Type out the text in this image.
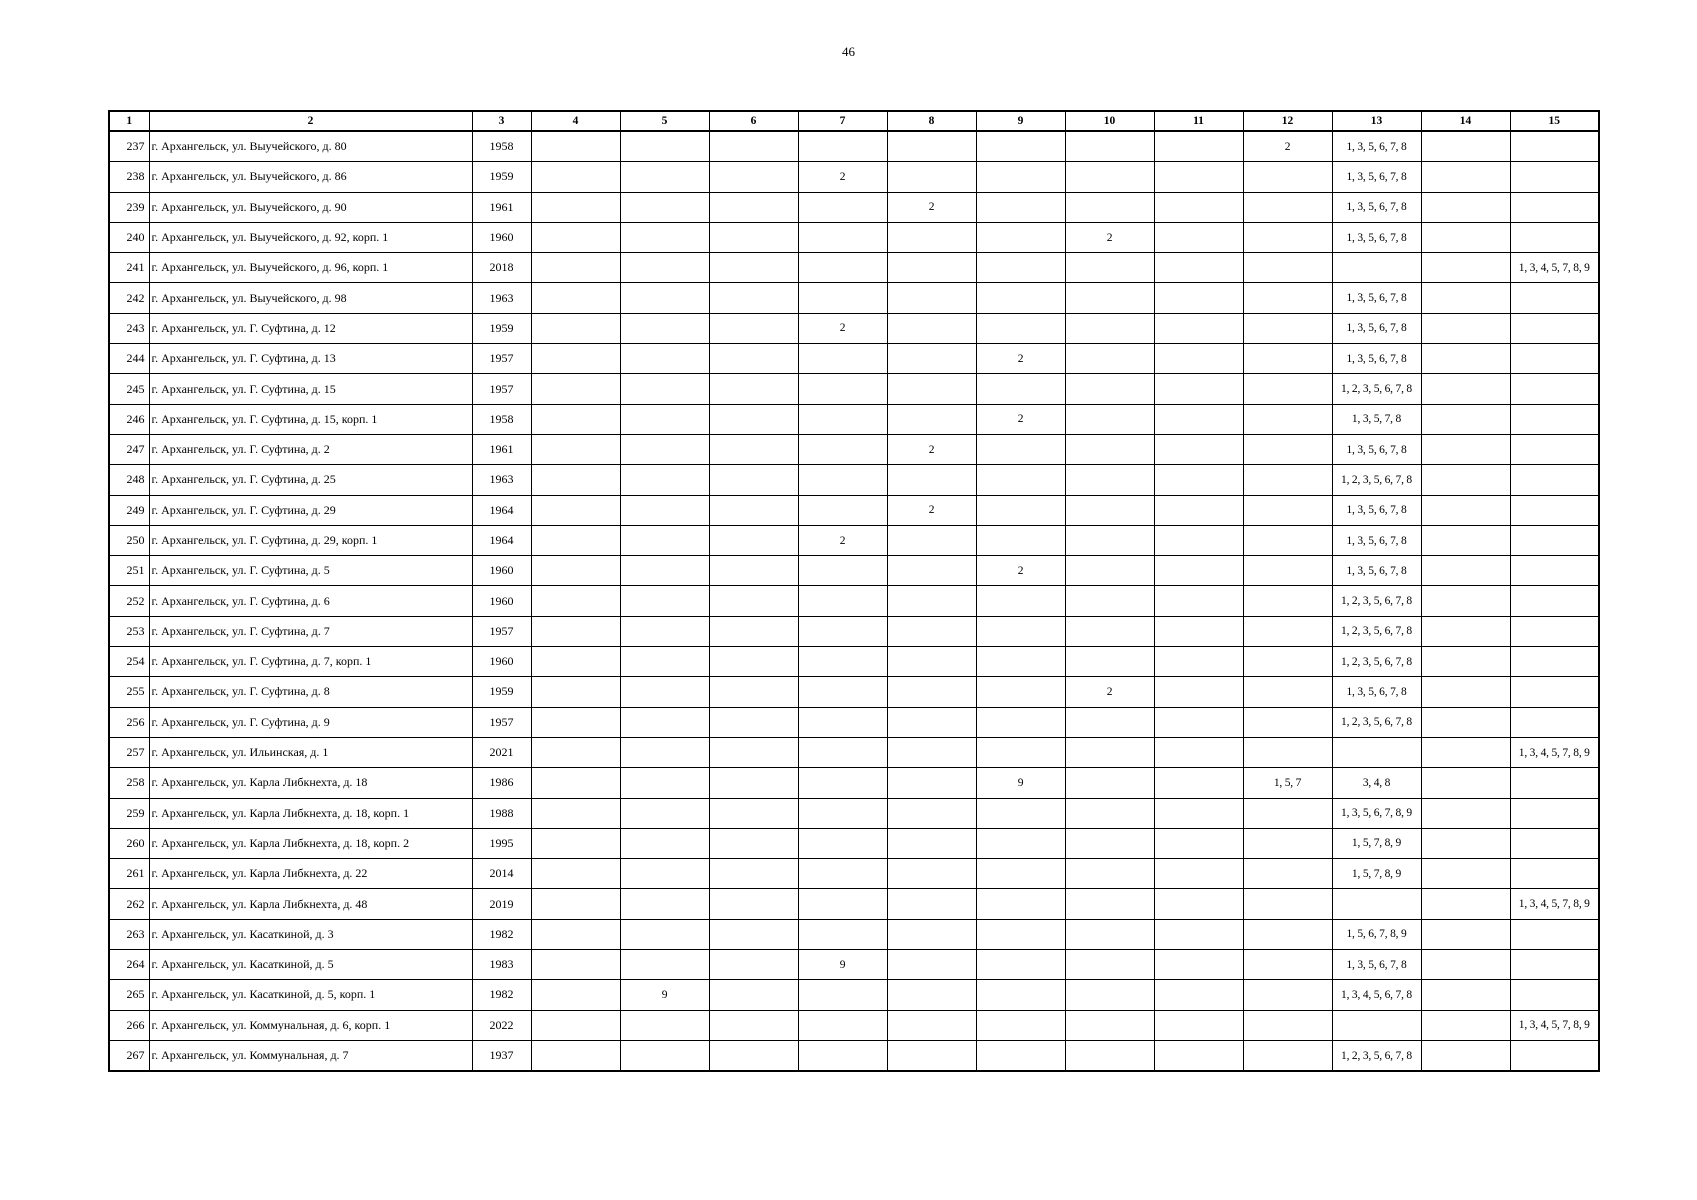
46
1	2	3	4	5	6	7	8	9	10	11	12	13	14	15
237	г. Архангельск, ул. Выучейского, д. 80	1958									2	1, 3, 5, 6, 7, 8		
238	г. Архангельск, ул. Выучейского, д. 86	1959				2						1, 3, 5, 6, 7, 8		
239	г. Архангельск, ул. Выучейского, д. 90	1961					2					1, 3, 5, 6, 7, 8		
240	г. Архангельск, ул. Выучейского, д. 92, корп. 1	1960							2			1, 3, 5, 6, 7, 8		
241	г. Архангельск, ул. Выучейского, д. 96, корп. 1	2018												1, 3, 4, 5, 7, 8, 9
242	г. Архангельск, ул. Выучейского, д. 98	1963										1, 3, 5, 6, 7, 8		
243	г. Архангельск, ул. Г. Суфтина, д. 12	1959				2						1, 3, 5, 6, 7, 8		
244	г. Архангельск, ул. Г. Суфтина, д. 13	1957						2				1, 3, 5, 6, 7, 8		
245	г. Архангельск, ул. Г. Суфтина, д. 15	1957										1, 2, 3, 5, 6, 7, 8		
246	г. Архангельск, ул. Г. Суфтина, д. 15, корп. 1	1958						2				1, 3, 5, 7, 8		
247	г. Архангельск, ул. Г. Суфтина, д. 2	1961					2					1, 3, 5, 6, 7, 8		
248	г. Архангельск, ул. Г. Суфтина, д. 25	1963										1, 2, 3, 5, 6, 7, 8		
249	г. Архангельск, ул. Г. Суфтина, д. 29	1964					2					1, 3, 5, 6, 7, 8		
250	г. Архангельск, ул. Г. Суфтина, д. 29, корп. 1	1964				2						1, 3, 5, 6, 7, 8		
251	г. Архангельск, ул. Г. Суфтина, д. 5	1960						2				1, 3, 5, 6, 7, 8		
252	г. Архангельск, ул. Г. Суфтина, д. 6	1960										1, 2, 3, 5, 6, 7, 8		
253	г. Архангельск, ул. Г. Суфтина, д. 7	1957										1, 2, 3, 5, 6, 7, 8		
254	г. Архангельск, ул. Г. Суфтина, д. 7, корп. 1	1960										1, 2, 3, 5, 6, 7, 8		
255	г. Архангельск, ул. Г. Суфтина, д. 8	1959							2			1, 3, 5, 6, 7, 8		
256	г. Архангельск, ул. Г. Суфтина, д. 9	1957										1, 2, 3, 5, 6, 7, 8		
257	г. Архангельск, ул. Ильинская, д. 1	2021												1, 3, 4, 5, 7, 8, 9
258	г. Архангельск, ул. Карла Либкнехта, д. 18	1986						9			1, 5, 7	3, 4, 8		
259	г. Архангельск, ул. Карла Либкнехта, д. 18, корп. 1	1988										1, 3, 5, 6, 7, 8, 9		
260	г. Архангельск, ул. Карла Либкнехта, д. 18, корп. 2	1995										1, 5, 7, 8, 9		
261	г. Архангельск, ул. Карла Либкнехта, д. 22	2014										1, 5, 7, 8, 9		
262	г. Архангельск, ул. Карла Либкнехта, д. 48	2019												1, 3, 4, 5, 7, 8, 9
263	г. Архангельск, ул. Касаткиной, д. 3	1982										1, 5, 6, 7, 8, 9		
264	г. Архангельск, ул. Касаткиной, д. 5	1983				9						1, 3, 5, 6, 7, 8		
265	г. Архангельск, ул. Касаткиной, д. 5, корп. 1	1982		9								1, 3, 4, 5, 6, 7, 8		
266	г. Архангельск, ул. Коммунальная, д. 6, корп. 1	2022												1, 3, 4, 5, 7, 8, 9
267	г. Архангельск, ул. Коммунальная, д. 7	1937										1, 2, 3, 5, 6, 7, 8		
